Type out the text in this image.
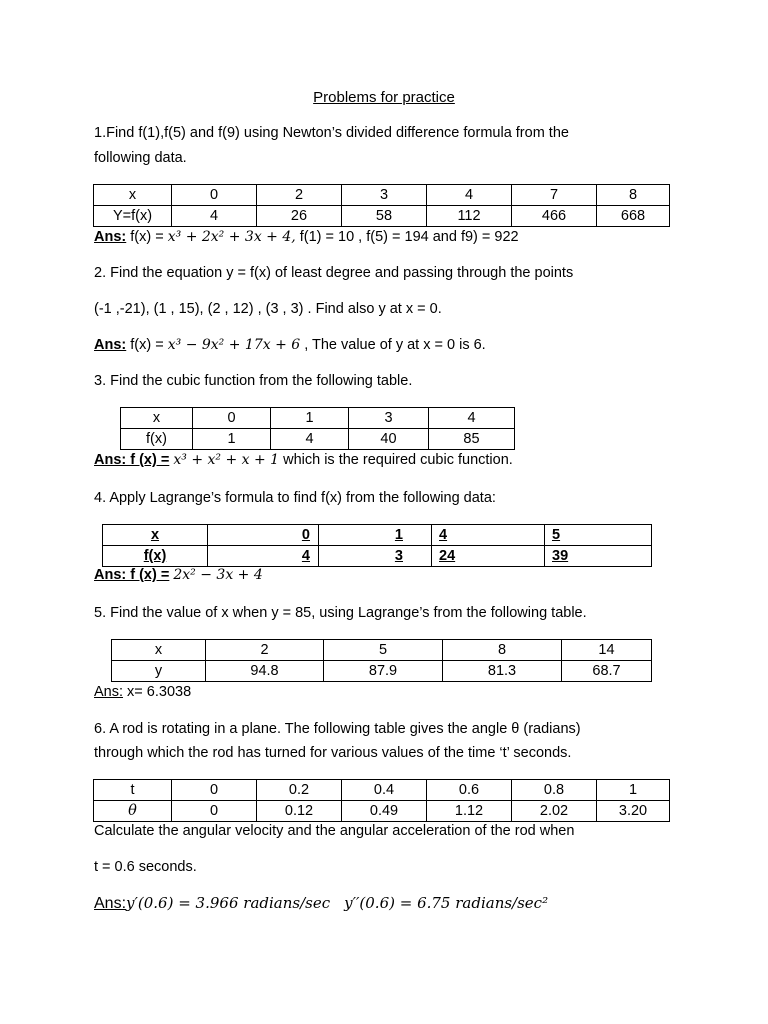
Problems for practice
1.Find f(1),f(5) and f(9) using Newton’s divided difference formula from the
following data.
x	0	2	3	4	7	8
Y=f(x)	4	26	58	112	466	668
Ans: f(x) = x³ + 2x² + 3x + 4, f(1) = 10 , f(5) = 194 and f9) = 922
2. Find the equation y = f(x) of least degree and passing through the points
(-1 ,-21), (1 , 15), (2 , 12) , (3 , 3) . Find also y at x = 0.
Ans: f(x) = x³ − 9x² + 17x + 6 , The value of y at x = 0 is 6.
3. Find the cubic function from the following table.
x	0	1	3	4
f(x)	1	4	40	85
Ans: f (x) = x³ + x² + x + 1 which is the required cubic function.
4. Apply Lagrange’s formula to find f(x) from the following data:
x	0	1	4	5
f(x)	4	3	24	39
Ans: f (x) = 2x² − 3x + 4
5. Find the value of x when y = 85, using Lagrange’s from the following table.
x	2	5	8	14
y	94.8	87.9	81.3	68.7
Ans: x= 6.3038
6. A rod is rotating in a plane. The following table gives the angle θ (radians)
through which the rod has turned for various values of the time ‘t’ seconds.
t	0	0.2	0.4	0.6	0.8	1
θ	0	0.12	0.49	1.12	2.02	3.20
Calculate the angular velocity and the angular acceleration of the rod when
t = 0.6 seconds.
Ans:y′(0.6) = 3.966 radians/sec y′′(0.6) = 6.75 radians/sec²
